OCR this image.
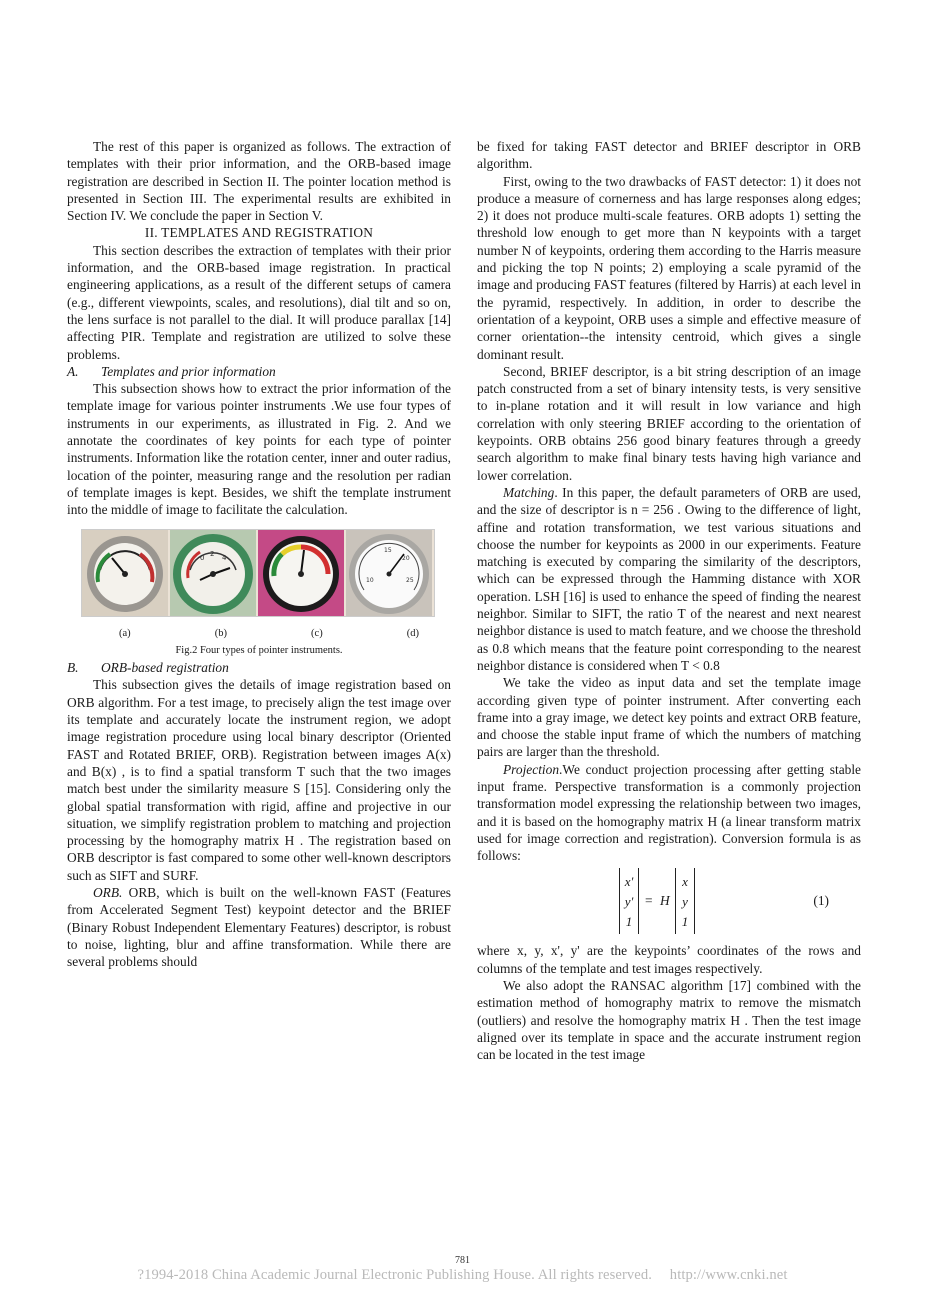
The rest of this paper is organized as follows. The extraction of templates with their prior information, and the ORB-based image registration are described in Section II. The pointer location method is presented in Section III. The experimental results are exhibited in Section IV. We conclude the paper in Section V.

II. TEMPLATES AND REGISTRATION

This section describes the extraction of templates with their prior information, and the ORB-based image registration. In practical engineering applications, as a result of the different setups of camera (e.g., different viewpoints, scales, and resolutions), dial tilt and so on, the lens surface is not parallel to the dial. It will produce parallax [14] affecting PIR. Template and registration are utilized to solve these problems.

A. Templates and prior information

This subsection shows how to extract the prior information of the template image for various pointer instruments .We use four types of instruments in our experiments, as illustrated in Fig. 2. And we annotate the coordinates of key points for each type of pointer instruments. Information like the rotation center, inner and outer radius, location of the pointer, measuring range and the resolution per radian of template images is kept. Besides, we shift the template instrument into the middle of image to facilitate the calculation.

0 2 4
10
15
20
25
(a)	(b)	(c)	(d)

Fig.2 Four types of pointer instruments.

B. ORB-based registration

This subsection gives the details of image registration based on ORB algorithm. For a test image, to precisely align the test image over its template and accurately locate the instrument region, we adopt image registration procedure using local binary descriptor (Oriented FAST and Rotated BRIEF, ORB). Registration between images A(x) and B(x) , is to find a spatial transform T such that the two images match best under the similarity measure S [15]. Considering only the global spatial transformation with rigid, affine and projective in our situation, we simplify registration problem to matching and projection processing by the homography matrix H . The registration based on ORB descriptor is fast compared to some other well-known descriptors such as SIFT and SURF.

ORB. ORB, which is built on the well-known FAST (Features from Accelerated Segment Test) keypoint detector and the BRIEF (Binary Robust Independent Elementary Features) descriptor, is robust to noise, lighting, blur and affine transformation. While there are several problems should

be fixed for taking FAST detector and BRIEF descriptor in ORB algorithm.

First, owing to the two drawbacks of FAST detector: 1) it does not produce a measure of cornerness and has large responses along edges; 2) it does not produce multi-scale features. ORB adopts 1) setting the threshold low enough to get more than N keypoints with a target number N of keypoints, ordering them according to the Harris measure and picking the top N points; 2) employing a scale pyramid of the image and producing FAST features (filtered by Harris) at each level in the pyramid, respectively. In addition, in order to describe the orientation of a keypoint, ORB uses a simple and effective measure of corner orientation--the intensity centroid, which gives a single dominant result.

Second, BRIEF descriptor, is a bit string description of an image patch constructed from a set of binary intensity tests, is very sensitive to in-plane rotation and it will result in low variance and high correlation with only steering BRIEF according to the orientation of keypoints. ORB obtains 256 good binary features through a greedy search algorithm to make final binary tests having high variance and lower correlation.

Matching. In this paper, the default parameters of ORB are used, and the size of descriptor is n = 256 . Owing to the difference of light, affine and rotation transformation, we test various situations and choose the number for keypoints as 2000 in our experiments. Feature matching is executed by comparing the similarity of the descriptors, which can be expressed through the Hamming distance with XOR operation. LSH [16] is used to enhance the speed of finding the nearest neighbor. Similar to SIFT, the ratio T of the nearest and next nearest neighbor distance is used to match feature, and we choose the threshold as 0.8 which means that the feature point corresponding to the nearest neighbor distance is considered when T < 0.8

We take the video as input data and set the template image according given type of pointer instrument. After converting each frame into a gray image, we detect key points and extract ORB feature, and choose the stable input frame of which the numbers of matching pairs are larger than the threshold.

Projection.We conduct projection processing after getting stable input frame. Perspective transformation is a commonly projection transformation model expressing the relationship between two images, and it is based on the homography matrix H (a linear transform matrix used for image correction and registration). Conversion formula is as follows:

x'
y'
1
= H
x
y
1
(1)

where x, y, x', y' are the keypoints’ coordinates of the rows and columns of the template and test images respectively.

We also adopt the RANSAC algorithm [17] combined with the estimation method of homography matrix to remove the mismatch (outliers) and resolve the homography matrix H . Then the test image aligned over its template in space and the accurate instrument region can be located in the test image

781
?1994-2018 China Academic Journal Electronic Publishing House. All rights reserved. http://www.cnki.net
